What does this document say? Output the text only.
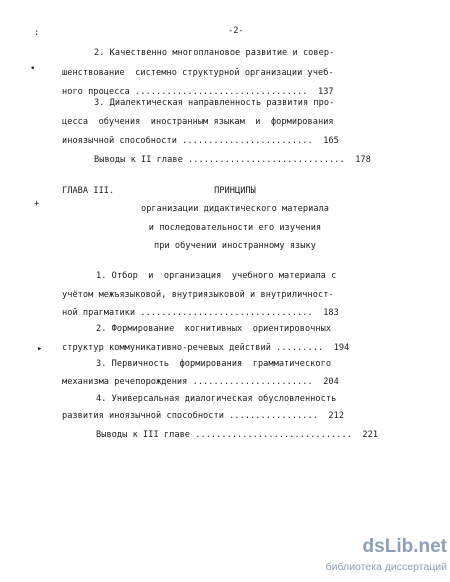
-2-
:
•
+
▸
2. Качественно многоплановое развитие и совер-
шенствование  системно структурной организации учеб-
ного процесса .................................  137
3. Диалектическая направленность развития про-
цесса  обучения  иностранным языкам  и  формирования
иноязычной способности .........................  165
Выводы к II главе ..............................  178
ГЛАВА III.	ПРИНЦИПЫ
организации дидактического материала
и последовательности его изучения
при обучении иностранному языку
1. Отбор  и  организация  учебного материала с
учётом межъязыковой, внутриязыковой и внутриличност-
ной прагматики .................................  183
2. Формирование  когнитивных  ориентировочных
структур коммуникативно-речевых действий .........  194
3. Первичность  формирования  грамматического
механизма речепорождения .......................  204
4. Универсальная диалогическая обусловленность
развития иноязычной способности .................  212
Выводы к III главе ..............................  221
dsLib.net
библиотека диссертаций
